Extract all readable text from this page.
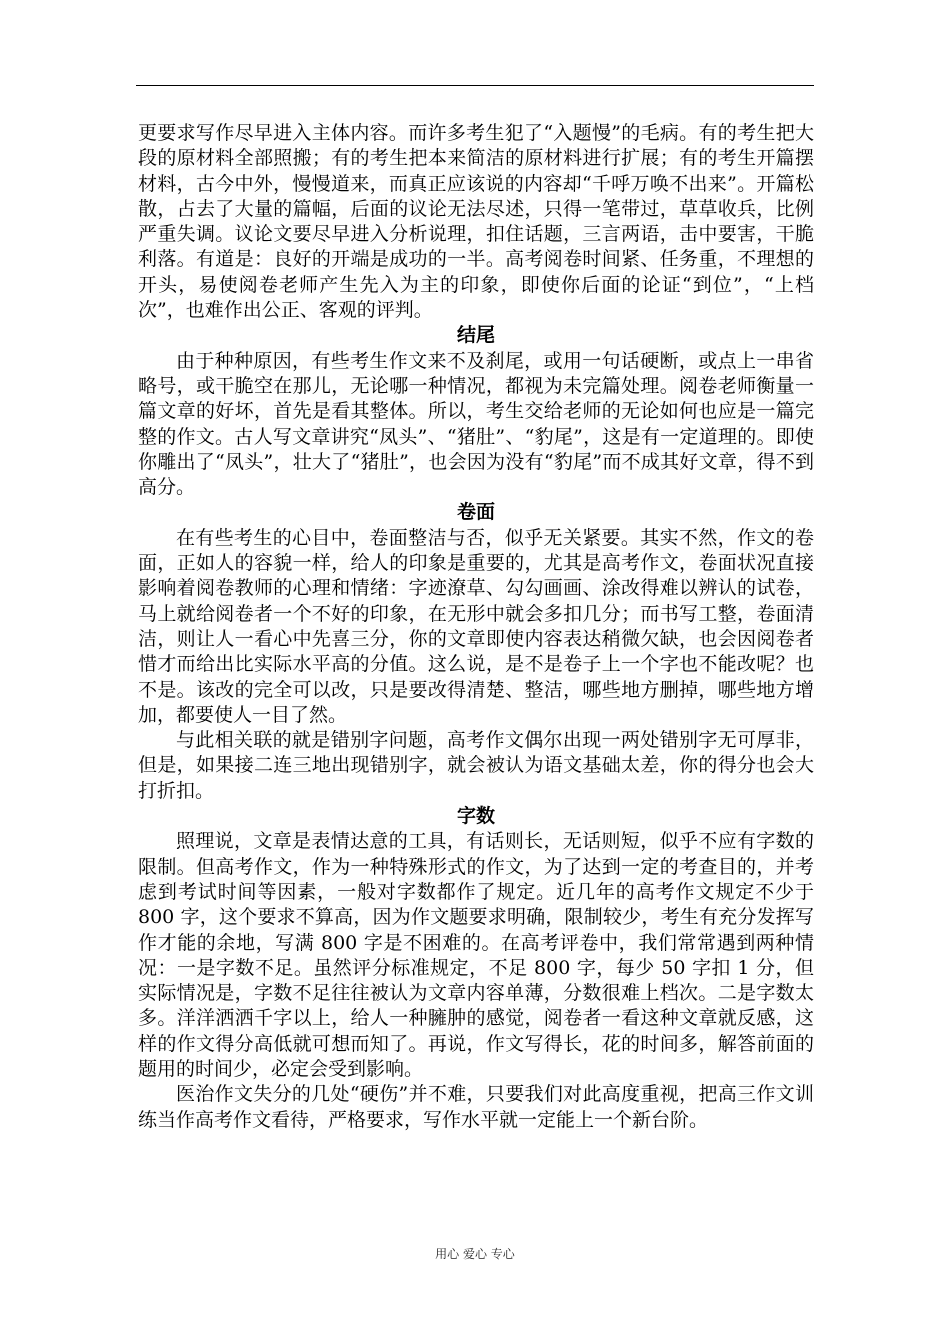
更要求写作尽早进入主体内容。而许多考生犯了“入题慢”的毛病。有的考生把大段的原材料全部照搬；有的考生把本来简洁的原材料进行扩展；有的考生开篇摆材料，古今中外，慢慢道来，而真正应该说的内容却“千呼万唤不出来”。开篇松散，占去了大量的篇幅，后面的议论无法尽述，只得一笔带过，草草收兵，比例严重失调。议论文要尽早进入分析说理，扣住话题，三言两语，击中要害，干脆利落。有道是：良好的开端是成功的一半。高考阅卷时间紧、任务重，不理想的开头，易使阅卷老师产生先入为主的印象，即使你后面的论证“到位”，“上档次”，也难作出公正、客观的评判。

结尾

由于种种原因，有些考生作文来不及刹尾，或用一句话硬断，或点上一串省略号，或干脆空在那儿，无论哪一种情况，都视为未完篇处理。阅卷老师衡量一篇文章的好坏，首先是看其整体。所以，考生交给老师的无论如何也应是一篇完整的作文。古人写文章讲究“凤头”、“猪肚”、“豹尾”，这是有一定道理的。即使你雕出了“凤头”，壮大了“猪肚”，也会因为没有“豹尾”而不成其好文章，得不到高分。

卷面

在有些考生的心目中，卷面整洁与否，似乎无关紧要。其实不然，作文的卷面，正如人的容貌一样，给人的印象是重要的，尤其是高考作文，卷面状况直接影响着阅卷教师的心理和情绪：字迹潦草、勾勾画画、涂改得难以辨认的试卷，马上就给阅卷者一个不好的印象，在无形中就会多扣几分；而书写工整，卷面清洁，则让人一看心中先喜三分，你的文章即使内容表达稍微欠缺，也会因阅卷者惜才而给出比实际水平高的分值。这么说，是不是卷子上一个字也不能改呢？也不是。该改的完全可以改，只是要改得清楚、整洁，哪些地方删掉，哪些地方增加，都要使人一目了然。

与此相关联的就是错别字问题，高考作文偶尔出现一两处错别字无可厚非，但是，如果接二连三地出现错别字，就会被认为语文基础太差，你的得分也会大打折扣。

字数

照理说，文章是表情达意的工具，有话则长，无话则短，似乎不应有字数的限制。但高考作文，作为一种特殊形式的作文，为了达到一定的考查目的，并考虑到考试时间等因素，一般对字数都作了规定。近几年的高考作文规定不少于 800 字，这个要求不算高，因为作文题要求明确，限制较少，考生有充分发挥写作才能的余地，写满 800 字是不困难的。在高考评卷中，我们常常遇到两种情况：一是字数不足。虽然评分标准规定，不足 800 字，每少 50 字扣 1 分，但实际情况是，字数不足往往被认为文章内容单薄，分数很难上档次。二是字数太多。洋洋洒洒千字以上，给人一种臃肿的感觉，阅卷者一看这种文章就反感，这样的作文得分高低就可想而知了。再说，作文写得长，花的时间多，解答前面的题用的时间少，必定会受到影响。

医治作文失分的几处“硬伤”并不难，只要我们对此高度重视，把高三作文训练当作高考作文看待，严格要求，写作水平就一定能上一个新台阶。

用心 爱心 专心
